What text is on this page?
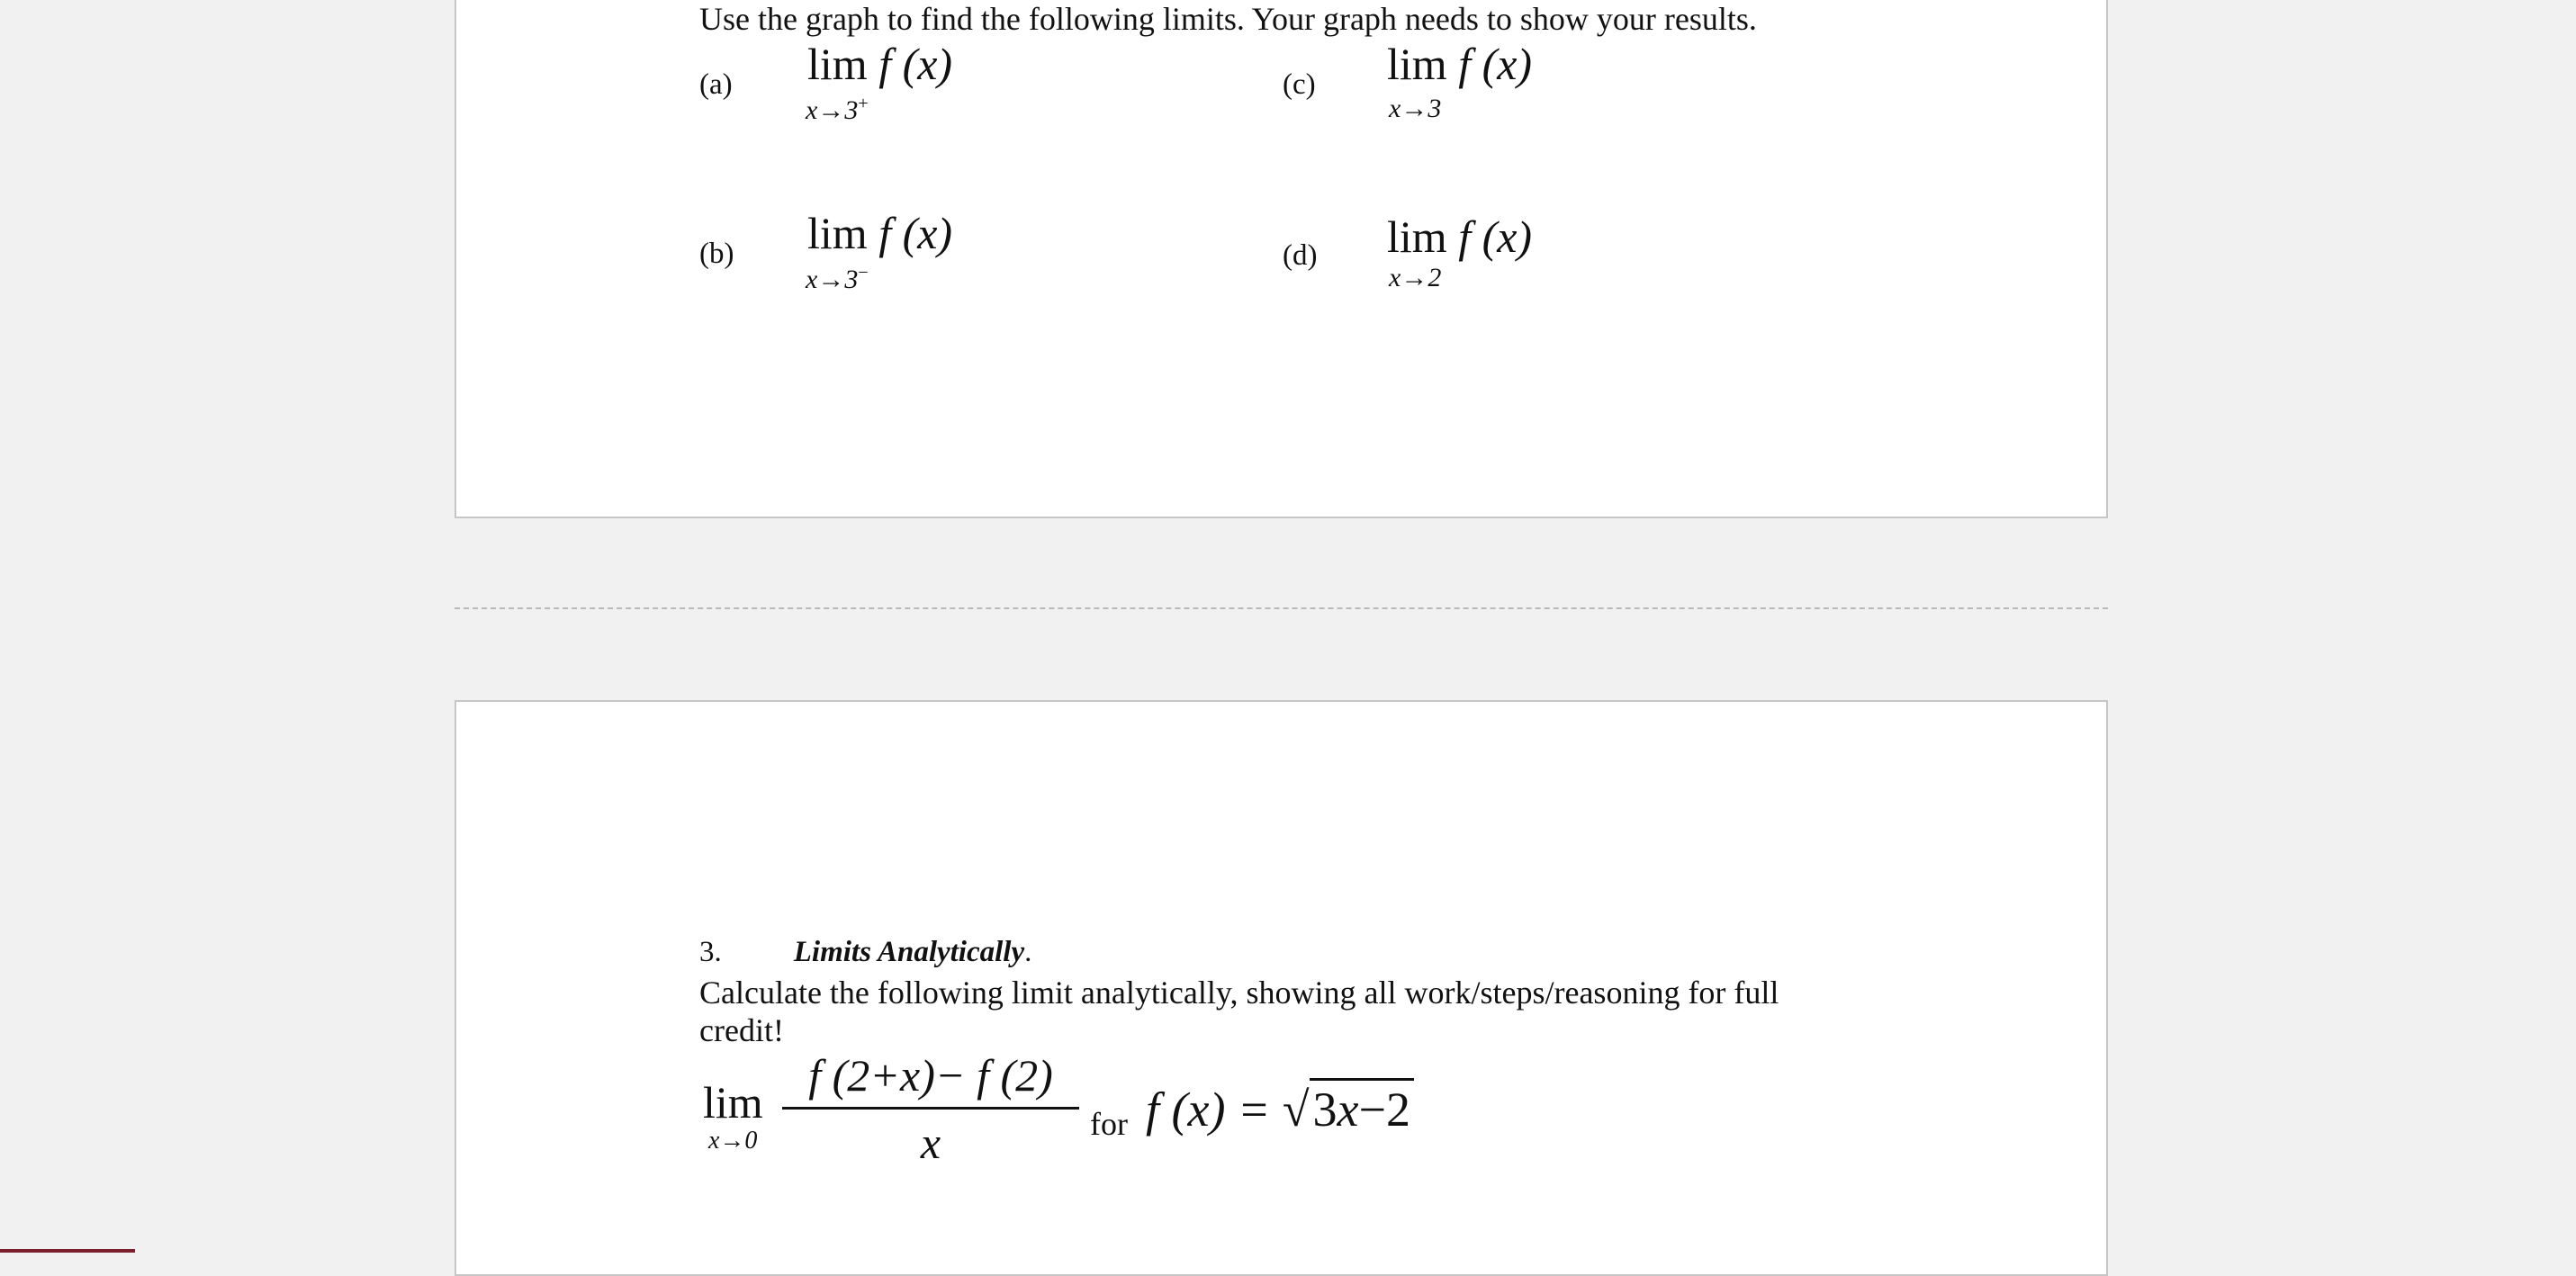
Use the graph to find the following limits. Your graph needs to show your results.
(a) lim f (x)
x→3+
(c) lim f (x)
x→3
(b) lim f (x)
x→3−
(d) lim f (x)
x→2
3. Limits Analytically.
Calculate the following limit analytically, showing all work/steps/reasoning for full credit!
lim
x→0
f (2+x)− f (2)
x	for f (x) = √3x−2
